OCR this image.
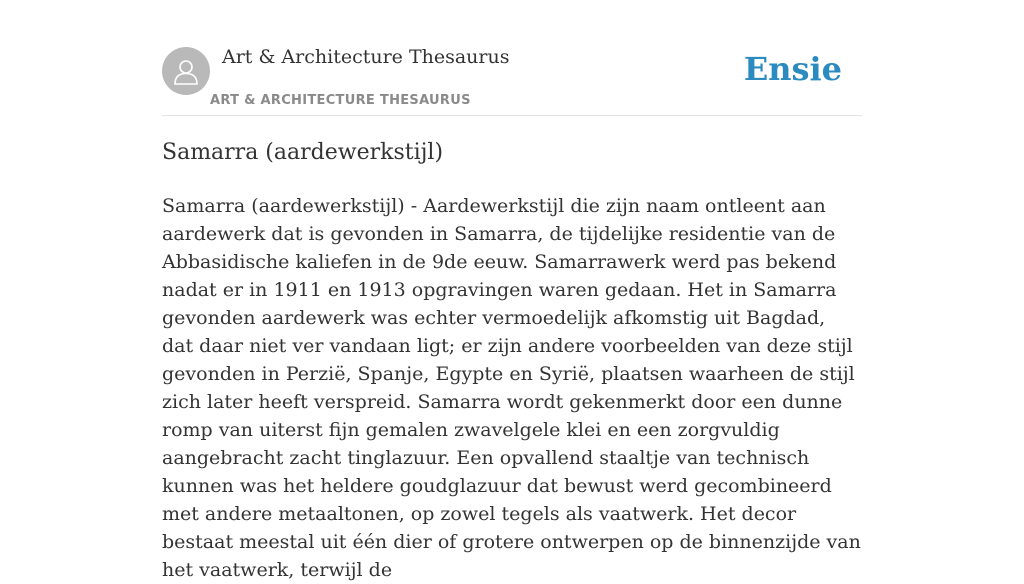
Art & Architecture Thesaurus
ART & ARCHITECTURE THESAURUS
Ensie
Samarra (aardewerkstijl)

Samarra (aardewerkstijl) - Aardewerkstijl die zijn naam ontleent aan aardewerk dat is gevonden in Samarra, de tijdelijke residentie van de Abbasidische kaliefen in de 9de eeuw. Samarrawerk werd pas bekend nadat er in 1911 en 1913 opgravingen waren gedaan. Het in Samarra gevonden aardewerk was echter vermoedelijk afkomstig uit Bagdad, dat daar niet ver vandaan ligt; er zijn andere voorbeelden van deze stijl gevonden in Perzië, Spanje, Egypte en Syrië, plaatsen waarheen de stijl zich later heeft verspreid. Samarra wordt gekenmerkt door een dunne romp van uiterst fijn gemalen zwavelgele klei en een zorgvuldig aangebracht zacht tinglazuur. Een opvallend staaltje van technisch kunnen was het heldere goudglazuur dat bewust werd gecombineerd met andere metaaltonen, op zowel tegels als vaatwerk. Het decor bestaat meestal uit één dier of grotere ontwerpen op de binnenzijde van het vaatwerk, terwijl de
